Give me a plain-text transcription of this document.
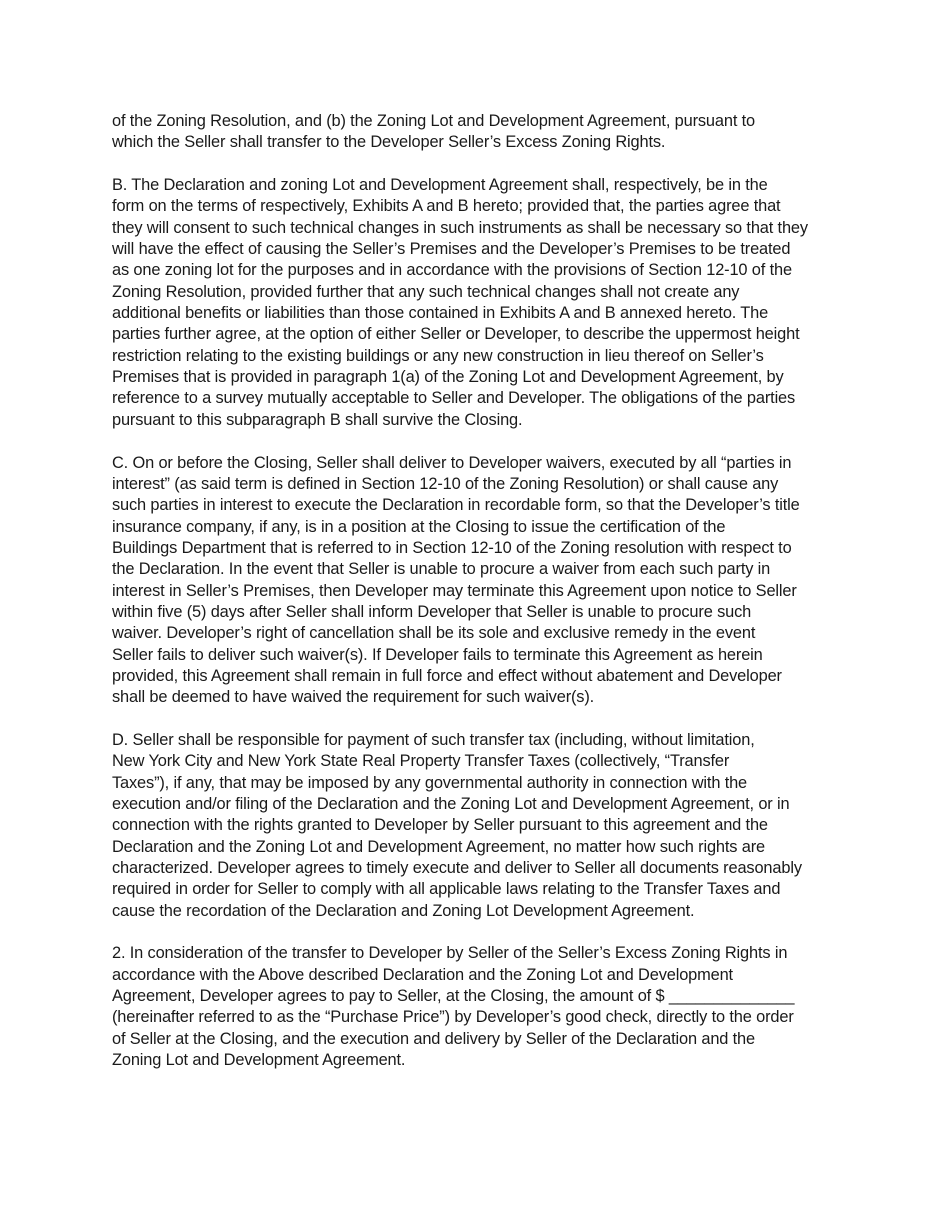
of the Zoning Resolution, and (b) the Zoning Lot and Development Agreement, pursuant to
which the Seller shall transfer to the Developer Seller’s Excess Zoning Rights.
B. The Declaration and zoning Lot and Development Agreement shall, respectively, be in the
form on the terms of respectively, Exhibits A and B hereto; provided that, the parties agree that
they will consent to such technical changes in such instruments as shall be necessary so that they
will have the effect of causing the Seller’s Premises and the Developer’s Premises to be treated
as one zoning lot for the purposes and in accordance with the provisions of Section 12-10 of the
Zoning Resolution, provided further that any such technical changes shall not create any
additional benefits or liabilities than those contained in Exhibits A and B annexed hereto. The
parties further agree, at the option of either Seller or Developer, to describe the uppermost height
restriction relating to the existing buildings or any new construction in lieu thereof on Seller’s
Premises that is provided in paragraph 1(a) of the Zoning Lot and Development Agreement, by
reference to a survey mutually acceptable to Seller and Developer. The obligations of the parties
pursuant to this subparagraph B shall survive the Closing.
C. On or before the Closing, Seller shall deliver to Developer waivers, executed by all “parties in
interest” (as said term is defined in Section 12-10 of the Zoning Resolution) or shall cause any
such parties in interest to execute the Declaration in recordable form, so that the Developer’s title
insurance company, if any, is in a position at the Closing to issue the certification of the
Buildings Department that is referred to in Section 12-10 of the Zoning resolution with respect to
the Declaration. In the event that Seller is unable to procure a waiver from each such party in
interest in Seller’s Premises, then Developer may terminate this Agreement upon notice to Seller
within five (5) days after Seller shall inform Developer that Seller is unable to procure such
waiver. Developer’s right of cancellation shall be its sole and exclusive remedy in the event
Seller fails to deliver such waiver(s). If Developer fails to terminate this Agreement as herein
provided, this Agreement shall remain in full force and effect without abatement and Developer
shall be deemed to have waived the requirement for such waiver(s).
D. Seller shall be responsible for payment of such transfer tax (including, without limitation,
New York City and New York State Real Property Transfer Taxes (collectively, “Transfer
Taxes”), if any, that may be imposed by any governmental authority in connection with the
execution and/or filing of the Declaration and the Zoning Lot and Development Agreement, or in
connection with the rights granted to Developer by Seller pursuant to this agreement and the
Declaration and the Zoning Lot and Development Agreement, no matter how such rights are
characterized. Developer agrees to timely execute and deliver to Seller all documents reasonably
required in order for Seller to comply with all applicable laws relating to the Transfer Taxes and
cause the recordation of the Declaration and Zoning Lot Development Agreement.
2. In consideration of the transfer to Developer by Seller of the Seller’s Excess Zoning Rights in
accordance with the Above described Declaration and the Zoning Lot and Development
Agreement, Developer agrees to pay to Seller, at the Closing, the amount of $ ______________
(hereinafter referred to as the “Purchase Price”) by Developer’s good check, directly to the order
of Seller at the Closing, and the execution and delivery by Seller of the Declaration and the
Zoning Lot and Development Agreement.
